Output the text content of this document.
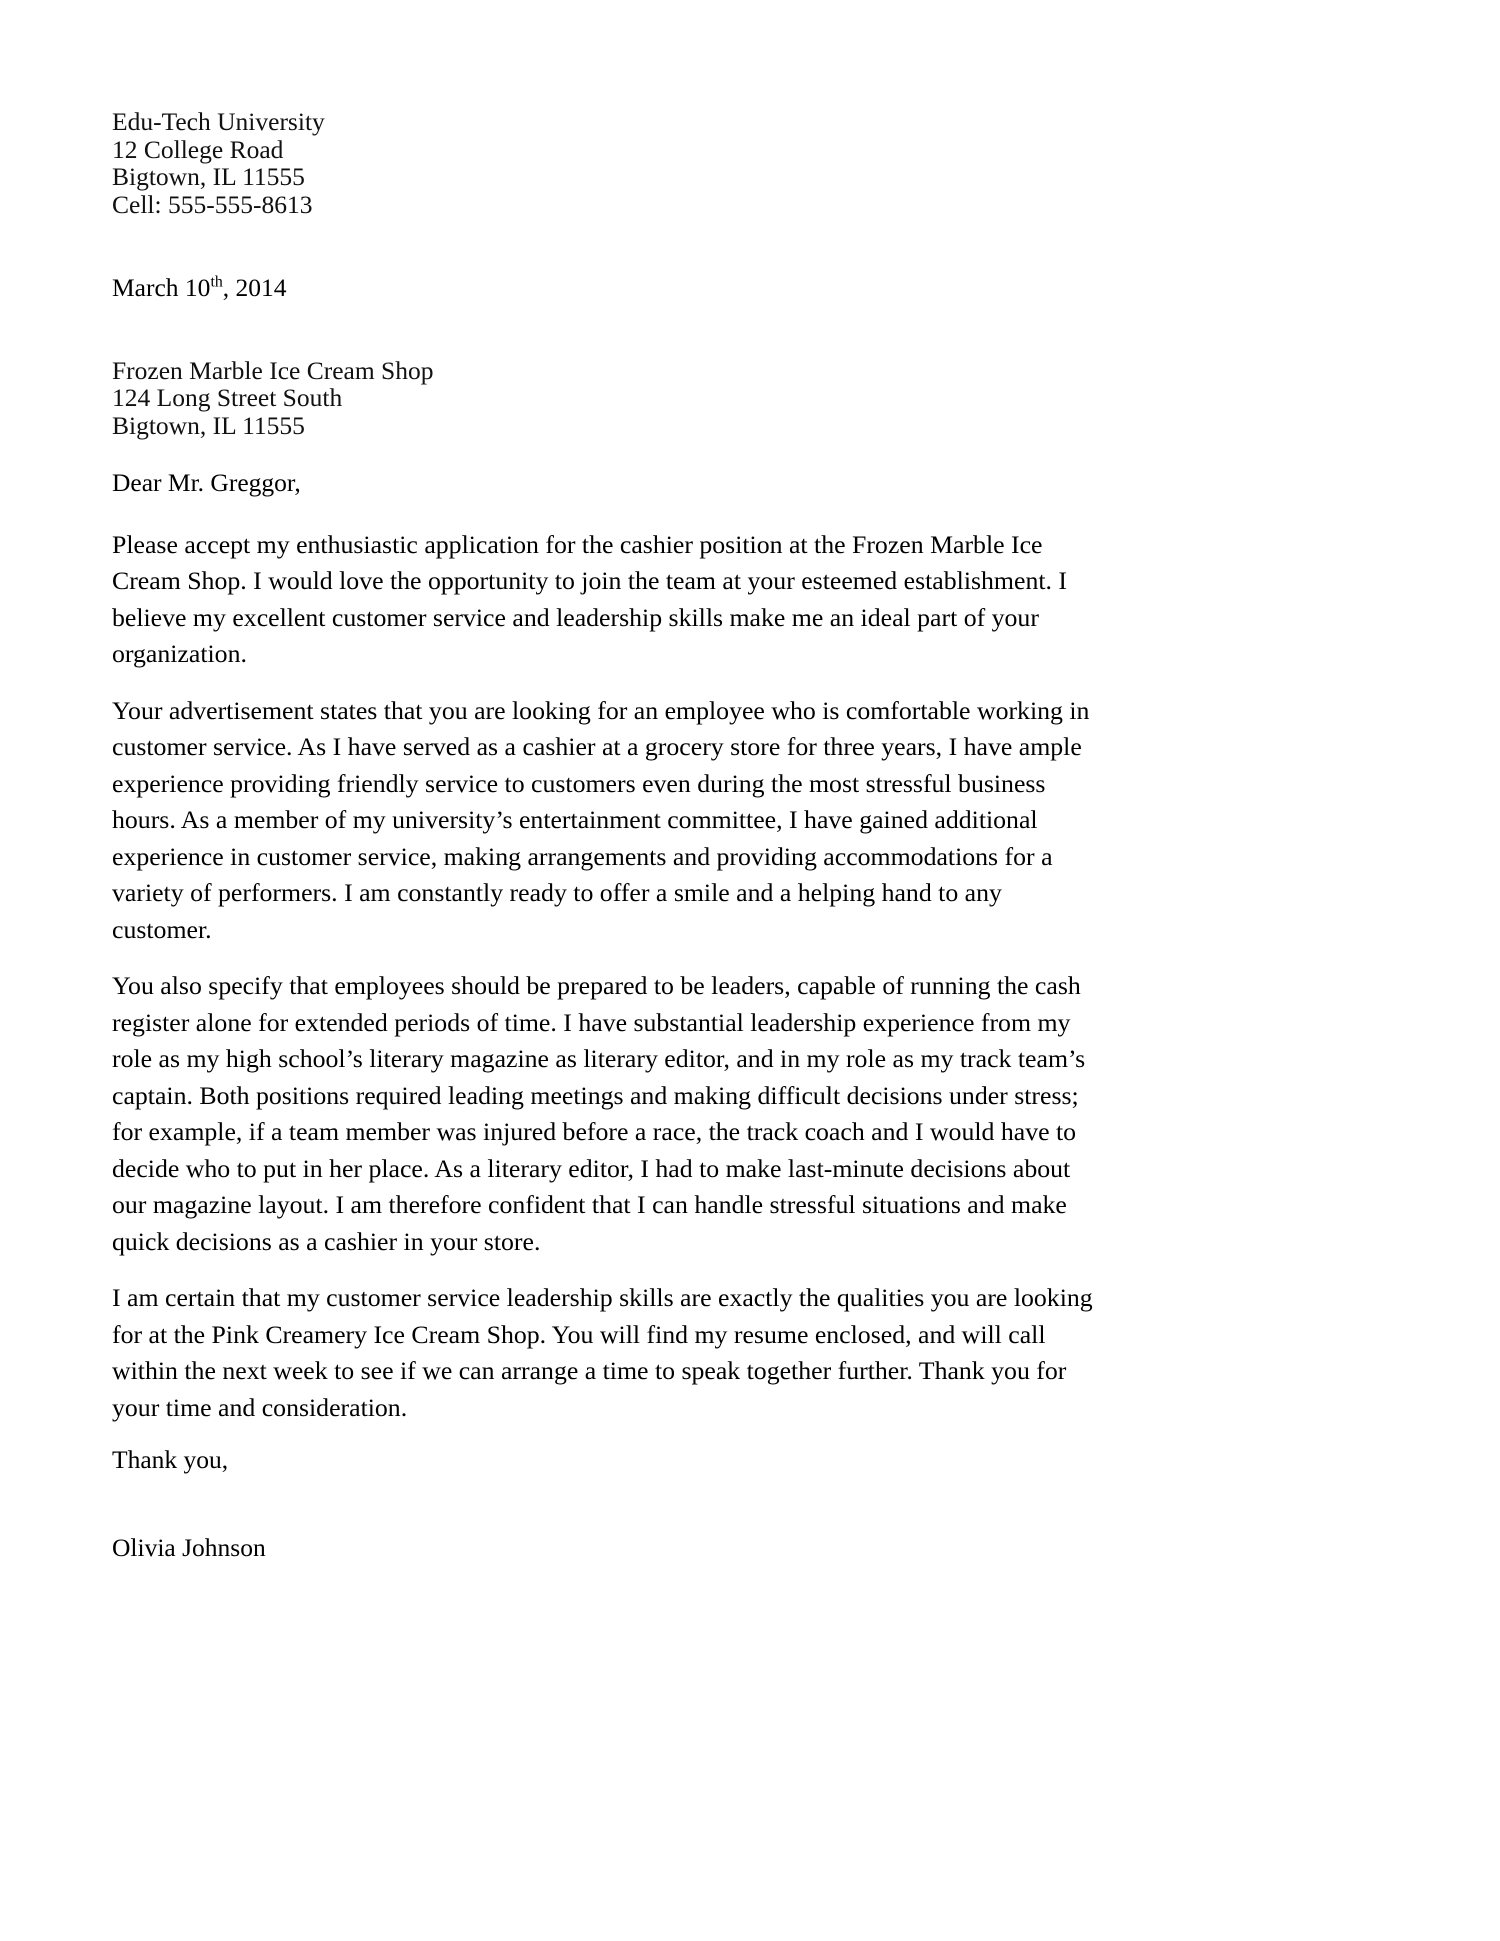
Edu-Tech University
12 College Road
Bigtown, IL 11555
Cell: 555-555-8613
March 10th, 2014
Frozen Marble Ice Cream Shop
124 Long Street South
Bigtown, IL 11555
Dear Mr. Greggor,

Please accept my enthusiastic application for the cashier position at the Frozen Marble Ice Cream Shop. I would love the opportunity to join the team at your esteemed establishment. I believe my excellent customer service and leadership skills make me an ideal part of your organization.

Your advertisement states that you are looking for an employee who is comfortable working in customer service. As I have served as a cashier at a grocery store for three years, I have ample experience providing friendly service to customers even during the most stressful business hours. As a member of my university’s entertainment committee, I have gained additional experience in customer service, making arrangements and providing accommodations for a variety of performers. I am constantly ready to offer a smile and a helping hand to any customer.

You also specify that employees should be prepared to be leaders, capable of running the cash register alone for extended periods of time. I have substantial leadership experience from my role as my high school’s literary magazine as literary editor, and in my role as my track team’s captain. Both positions required leading meetings and making difficult decisions under stress; for example, if a team member was injured before a race, the track coach and I would have to decide who to put in her place. As a literary editor, I had to make last-minute decisions about our magazine layout. I am therefore confident that I can handle stressful situations and make quick decisions as a cashier in your store.

I am certain that my customer service leadership skills are exactly the qualities you are looking for at the Pink Creamery Ice Cream Shop. You will find my resume enclosed, and will call within the next week to see if we can arrange a time to speak together further. Thank you for your time and consideration.

Thank you,
Olivia Johnson
